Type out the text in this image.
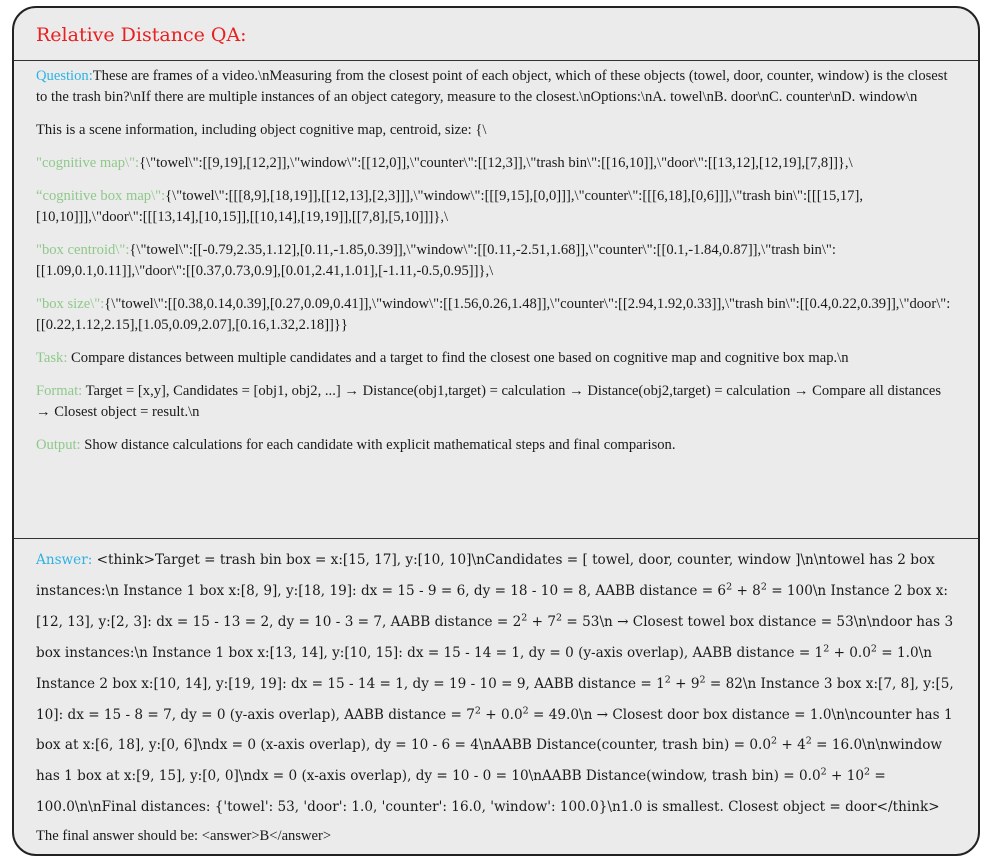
Relative Distance QA:

Question:These are frames of a video.\nMeasuring from the closest point of each object, which of these objects (towel, door, counter, window) is the closest to the trash bin?\nIf there are multiple instances of an object category, measure to the closest.\nOptions:\nA. towel\nB. door\nC. counter\nD. window\n

This is a scene information, including object cognitive map, centroid, size: {\

"cognitive map\":{\"towel\":[[9,19],[12,2]],\"window\":[[12,0]],\"counter\":[[12,3]],\"trash bin\":[[16,10]],\"door\":[[13,12],[12,19],[7,8]]},\

“cognitive box map\":{\"towel\":[[[8,9],[18,19]],[[12,13],[2,3]]],\"window\":[[[9,15],[0,0]]],\"counter\":[[[6,18],[0,6]]],\"trash bin\":[[[15,17],[10,10]]],\"door\":[[[13,14],[10,15]],[[10,14],[19,19]],[[7,8],[5,10]]]},\

"box centroid\":{\"towel\":[[-0.79,2.35,1.12],[0.11,-1.85,0.39]],\"window\":[[0.11,-2.51,1.68]],\"counter\":[[0.1,-1.84,0.87]],\"trash bin\":[[1.09,0.1,0.11]],\"door\":[[0.37,0.73,0.9],[0.01,2.41,1.01],[-1.11,-0.5,0.95]]},\

"box size\":{\"towel\":[[0.38,0.14,0.39],[0.27,0.09,0.41]],\"window\":[[1.56,0.26,1.48]],\"counter\":[[2.94,1.92,0.33]],\"trash bin\":[[0.4,0.22,0.39]],\"door\":[[0.22,1.12,2.15],[1.05,0.09,2.07],[0.16,1.32,2.18]]}}

Task: Compare distances between multiple candidates and a target to find the closest one based on cognitive map and cognitive box map.\n

Format: Target = [x,y], Candidates = [obj1, obj2, ...] → Distance(obj1,target) = calculation → Distance(obj2,target) = calculation → Compare all distances → Closest object = result.\n

Output: Show distance calculations for each candidate with explicit mathematical steps and final comparison.

Answer: <think>Target = trash bin box = x:[15, 17], y:[10, 10]\nCandidates = [ towel, door, counter, window ]\n\ntowel has 2 box instances:\n Instance 1 box x:[8, 9], y:[18, 19]: dx = 15 - 9 = 6, dy = 18 - 10 = 8, AABB distance = $6^2 + 8^2$ = 100\n Instance 2 box x:[12, 13], y:[2, 3]: dx = 15 - 13 = 2, dy = 10 - 3 = 7, AABB distance = $2^2 + 7^2$ = 53\n → Closest towel box distance = 53\n\ndoor has 3 box instances:\n Instance 1 box x:[13, 14], y:[10, 15]: dx = 15 - 14 = 1, dy = 0 (y-axis overlap), AABB distance = $1^2 + 0.0^2$ = 1.0\n Instance 2 box x:[10, 14], y:[19, 19]: dx = 15 - 14 = 1, dy = 19 - 10 = 9, AABB distance = $1^2 + 9^2$ = 82\n Instance 3 box x:[7, 8], y:[5, 10]: dx = 15 - 8 = 7, dy = 0 (y-axis overlap), AABB distance = $7^2 + 0.0^2$ = 49.0\n → Closest door box distance = 1.0\n\ncounter has 1 box at x:[6, 18], y:[0, 6]\ndx = 0 (x-axis overlap), dy = 10 - 6 = 4\nAABB Distance(counter, trash $bin) = 0.0^2 + 4^2$ = 16.0\n\nwindow has 1 box at x:[9, 15], y:[0, 0]\ndx = 0 (x-axis overlap), dy = 10 - 0 = 10\nAABB Distance(window, trash $bin) = 0.0^2 + 10^2$ = 100.0\n\nFinal distances: {'towel': 53, 'door': 1.0, 'counter': 16.0, 'window': 100.0}\n1.0 is smallest. Closest object = door</think>

The final answer should be: <answer>B</answer>
